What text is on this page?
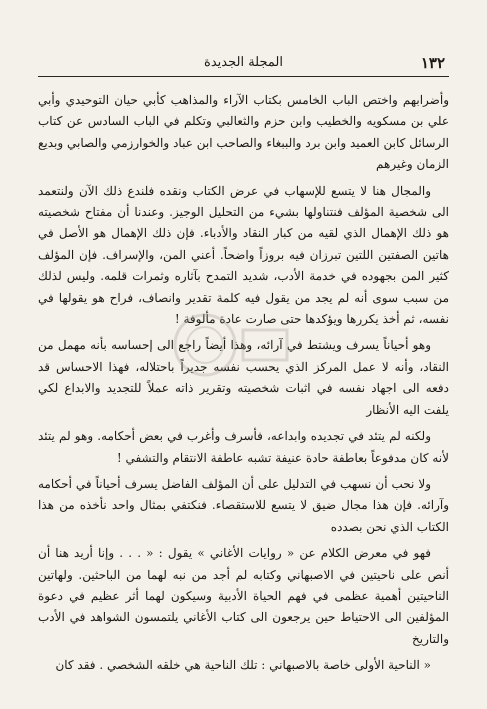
١٣٢
المجلة الجديدة

وأضرابهم واختص الباب الخامس بكتاب الآراء والمذاهب كأبي حيان التوحيدي وأبي علي بن مسكويه والخطيب وابن حزم والثعالبي وتكلم في الباب السادس عن كتاب الرسائل كابن العميد وابن برد والببغاء والصاحب ابن عباد والخوارزمي والصابي وبديع الزمان وغيرهم

والمجال هنا لا يتسع للإسهاب في عرض الكتاب ونقده فلندع ذلك الآن ولنتعمد الى شخصية المؤلف فنتناولها بشيء من التحليل الوجيز. وعندنا أن مفتاح شخصيته هو ذلك الإهمال الذي لقيه من كبار النقاد والأدباء. فإن ذلك الإهمال هو الأصل في هاتين الصفتين اللتين تبرزان فيه بروزاً واضحاً. أعني المن، والإسراف. فإن المؤلف كثير المن بجهوده في خدمة الأدب، شديد التمدح بآثاره وثمرات قلمه. وليس لذلك من سبب سوى أنه لم يجد من يقول فيه كلمة تقدير وانصاف، فراح هو يقولها في نفسه، ثم أخذ يكررها ويؤكدها حتى صارت عادة مألوفة !

وهو أحياناً يسرف ويشتط في آرائه، وهذا أيضاً راجع الى إحساسه بأنه مهمل من النقاد، وأنه لا عمل المركز الذي يحسب نفسه جديراً باحتلاله، فهذا الاحساس قد دفعه الى اجهاد نفسه في اثبات شخصيته وتقرير ذاته عملاً للتجديد والابداع لكي يلفت اليه الأنظار

ولكنه لم يتئد في تجديده وابداعه، فأسرف وأغرب في بعض أحكامه. وهو لم يتئد لأنه كان مدفوعاً بعاطفة حادة عنيفة تشبه عاطفة الانتقام والتشفي !

ولا نحب أن نسهب في التدليل على أن المؤلف الفاضل يسرف أحياناً في أحكامه وآرائه. فإن هذا مجال ضيق لا يتسع للاستقصاء. فنكتفي بمثال واحد نأخذه من هذا الكتاب الذي نحن بصدده

فهو في معرض الكلام عن « روايات الأغاني » يقول : « . . . وإنا أريد هنا أن أنص على ناحيتين في الاصبهاني وكتابه لم أجد من نبه لهما من الباحثين. ولهاتين الناحيتين أهمية عظمى في فهم الحياة الأدبية وسيكون لهما أثر عظيم في دعوة المؤلفين الى الاحتياط حين يرجعون الى كتاب الأغاني يلتمسون الشواهد في الأدب والتاريخ

« الناحية الأولى خاصة بالاصبهاني : تلك الناحية هي خلقه الشخصي . فقد كان
